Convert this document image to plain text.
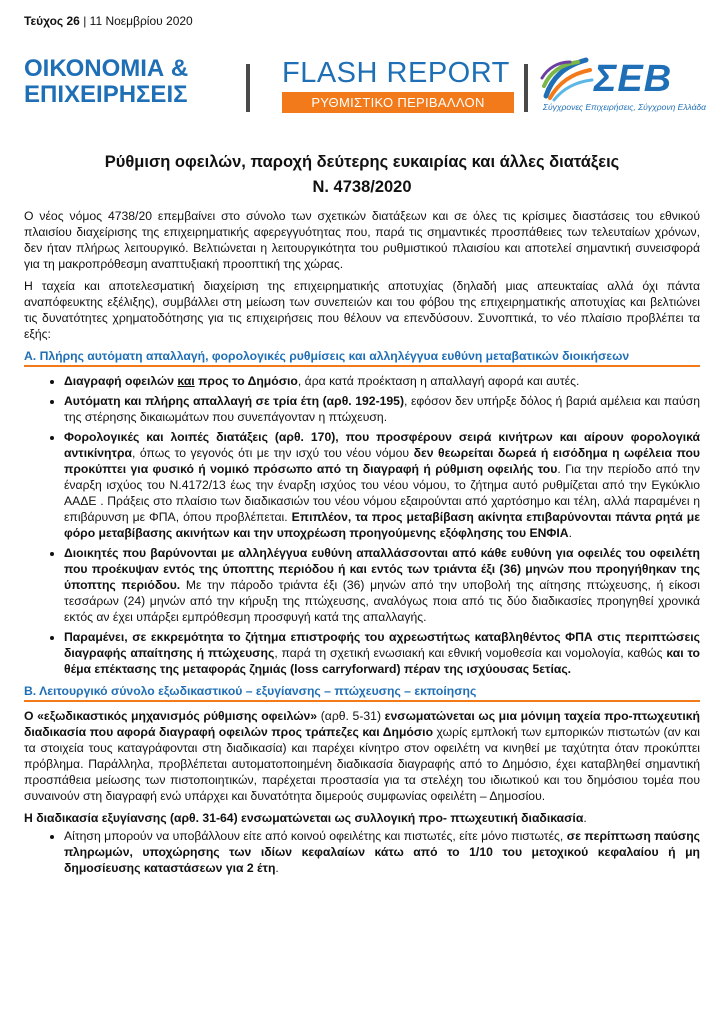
Τεύχος 26 | 11 Νοεμβρίου 2020
ΟΙΚΟΝΟΜΙΑ &
ΕΠΙΧΕΙΡΗΣΕΙΣ
FLASH REPORT
ΡΥΘΜΙΣΤΙΚΟ ΠΕΡΙΒΑΛΛΟΝ
ΣΕΒ
Σύγχρονες Επιχειρήσεις, Σύγχρονη Ελλάδα
Ρύθμιση οφειλών, παροχή δεύτερης ευκαιρίας και άλλες διατάξεις
Ν. 4738/2020

Ο νέος νόμος 4738/20 επεμβαίνει στο σύνολο των σχετικών διατάξεων και σε όλες τις κρίσιμες διαστάσεις του εθνικού πλαισίου διαχείρισης της επιχειρηματικής αφερεγγυότητας που, παρά τις σημαντικές προσπάθειες των τελευταίων χρόνων, δεν ήταν πλήρως λειτουργικό. Βελτιώνεται η λειτουργικότητα του ρυθμιστικού πλαισίου και αποτελεί σημαντική συνεισφορά για τη μακροπρόθεσμη αναπτυξιακή προοπτική της χώρας.

Η ταχεία και αποτελεσματική διαχείριση της επιχειρηματικής αποτυχίας (δηλαδή μιας απευκταίας αλλά όχι πάντα αναπόφευκτης εξέλιξης), συμβάλλει στη μείωση των συνεπειών και του φόβου της επιχειρηματικής αποτυχίας και βελτιώνει τις δυνατότητες χρηματοδότησης για τις επιχειρήσεις που θέλουν να επενδύσουν. Συνοπτικά, το νέο πλαίσιο προβλέπει τα εξής:

Α. Πλήρης αυτόματη απαλλαγή, φορολογικές ρυθμίσεις και αλληλέγγυα ευθύνη μεταβατικών διοικήσεων
• Διαγραφή οφειλών και προς το Δημόσιο, άρα κατά προέκταση η απαλλαγή αφορά και αυτές.
• Αυτόματη και πλήρης απαλλαγή σε τρία έτη (αρθ. 192-195), εφόσον δεν υπήρξε δόλος ή βαριά αμέλεια και παύση της στέρησης δικαιωμάτων που συνεπάγονταν η πτώχευση.
• Φορολογικές και λοιπές διατάξεις (αρθ. 170), που προσφέρουν σειρά κινήτρων και αίρουν φορολογικά αντικίνητρα, όπως το γεγονός ότι με την ισχύ του νέου νόμου δεν θεωρείται δωρεά ή εισόδημα η ωφέλεια που προκύπτει για φυσικό ή νομικό πρόσωπο από τη διαγραφή ή ρύθμιση οφειλής του. Για την περίοδο από την έναρξη ισχύος του Ν.4172/13 έως την έναρξη ισχύος του νέου νόμου, το ζήτημα αυτό ρυθμίζεται από την Εγκύκλιο ΑΑΔΕ . Πράξεις στο πλαίσιο των διαδικασιών του νέου νόμου εξαιρούνται από χαρτόσημο και τέλη, αλλά παραμένει η επιβάρυνση με ΦΠΑ, όπου προβλέπεται. Επιπλέον, τα προς μεταβίβαση ακίνητα επιβαρύνονται πάντα ρητά με φόρο μεταβίβασης ακινήτων και την υποχρέωση προηγούμενης εξόφλησης του ΕΝΦΙΑ.
• Διοικητές που βαρύνονται με αλληλέγγυα ευθύνη απαλλάσσονται από κάθε ευθύνη για οφειλές του οφειλέτη που προέκυψαν εντός της ύποπτης περιόδου ή και εντός των τριάντα έξι (36) μηνών που προηγήθηκαν της ύποπτης περιόδου. Με την πάροδο τριάντα έξι (36) μηνών από την υποβολή της αίτησης πτώχευσης, ή είκοσι τεσσάρων (24) μηνών από την κήρυξη της πτώχευσης, αναλόγως ποια από τις δύο διαδικασίες προηγηθεί χρονικά εκτός αν έχει υπάρξει εμπρόθεσμη προσφυγή κατά της απαλλαγής.
• Παραμένει, σε εκκρεμότητα το ζήτημα επιστροφής του αχρεωστήτως καταβληθέντος ΦΠΑ στις περιπτώσεις διαγραφής απαίτησης ή πτώχευσης, παρά τη σχετική ενωσιακή και εθνική νομοθεσία και νομολογία, καθώς και το θέμα επέκτασης της μεταφοράς ζημιάς (loss carryforward) πέραν της ισχύουσας 5ετίας.
Β. Λειτουργικό σύνολο εξωδικαστικού – εξυγίανσης – πτώχευσης – εκποίησης

Ο «εξωδικαστικός μηχανισμός ρύθμισης οφειλών» (αρθ. 5-31) ενσωματώνεται ως μια μόνιμη ταχεία προ-πτωχευτική διαδικασία που αφορά διαγραφή οφειλών προς τράπεζες και Δημόσιο χωρίς εμπλοκή των εμπορικών πιστωτών (αν και τα στοιχεία τους καταγράφονται στη διαδικασία) και παρέχει κίνητρο στον οφειλέτη να κινηθεί με ταχύτητα όταν προκύπτει πρόβλημα. Παράλληλα, προβλέπεται αυτοματοποιημένη διαδικασία διαγραφής από το Δημόσιο, έχει καταβληθεί σημαντική προσπάθεια μείωσης των πιστοποιητικών, παρέχεται προστασία για τα στελέχη του ιδιωτικού και του δημόσιου τομέα που συναινούν στη διαγραφή ενώ υπάρχει και δυνατότητα διμερούς συμφωνίας οφειλέτη – Δημοσίου.

Η διαδικασία εξυγίανσης (αρθ. 31-64) ενσωματώνεται ως συλλογική προ- πτωχευτική διαδικασία.

• Αίτηση μπορούν να υποβάλλουν είτε από κοινού οφειλέτης και πιστωτές, είτε μόνο πιστωτές, σε περίπτωση παύσης πληρωμών, υποχώρησης των ιδίων κεφαλαίων κάτω από το 1/10 του μετοχικού κεφαλαίου ή μη δημοσίευσης καταστάσεων για 2 έτη.
